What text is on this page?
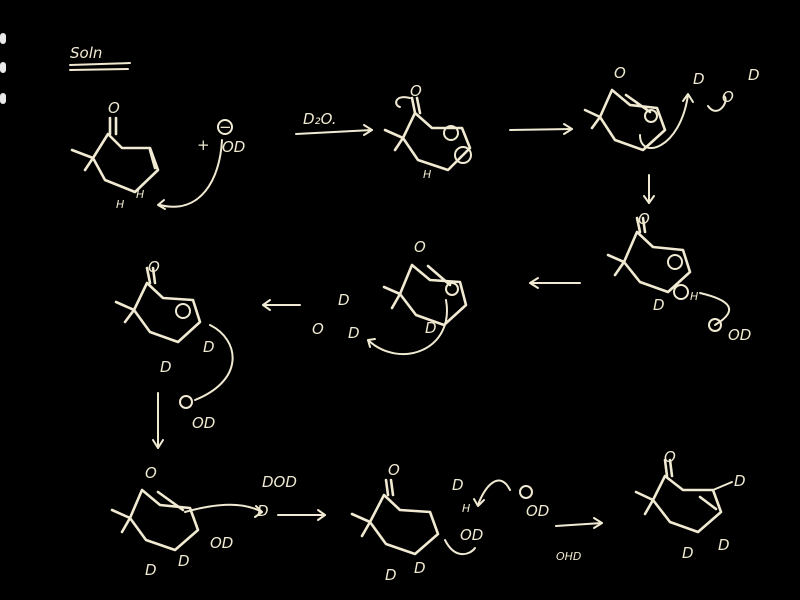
Soln
O
H
H
+
−
OD
D₂O.
O
H
O	D
O
D
O
D H
OD
O
D
D
O D
O
D
D
OD
O
OD
D D
DOD
D
O
D
H
D D
OD
OD
OHD
O
D
D D
